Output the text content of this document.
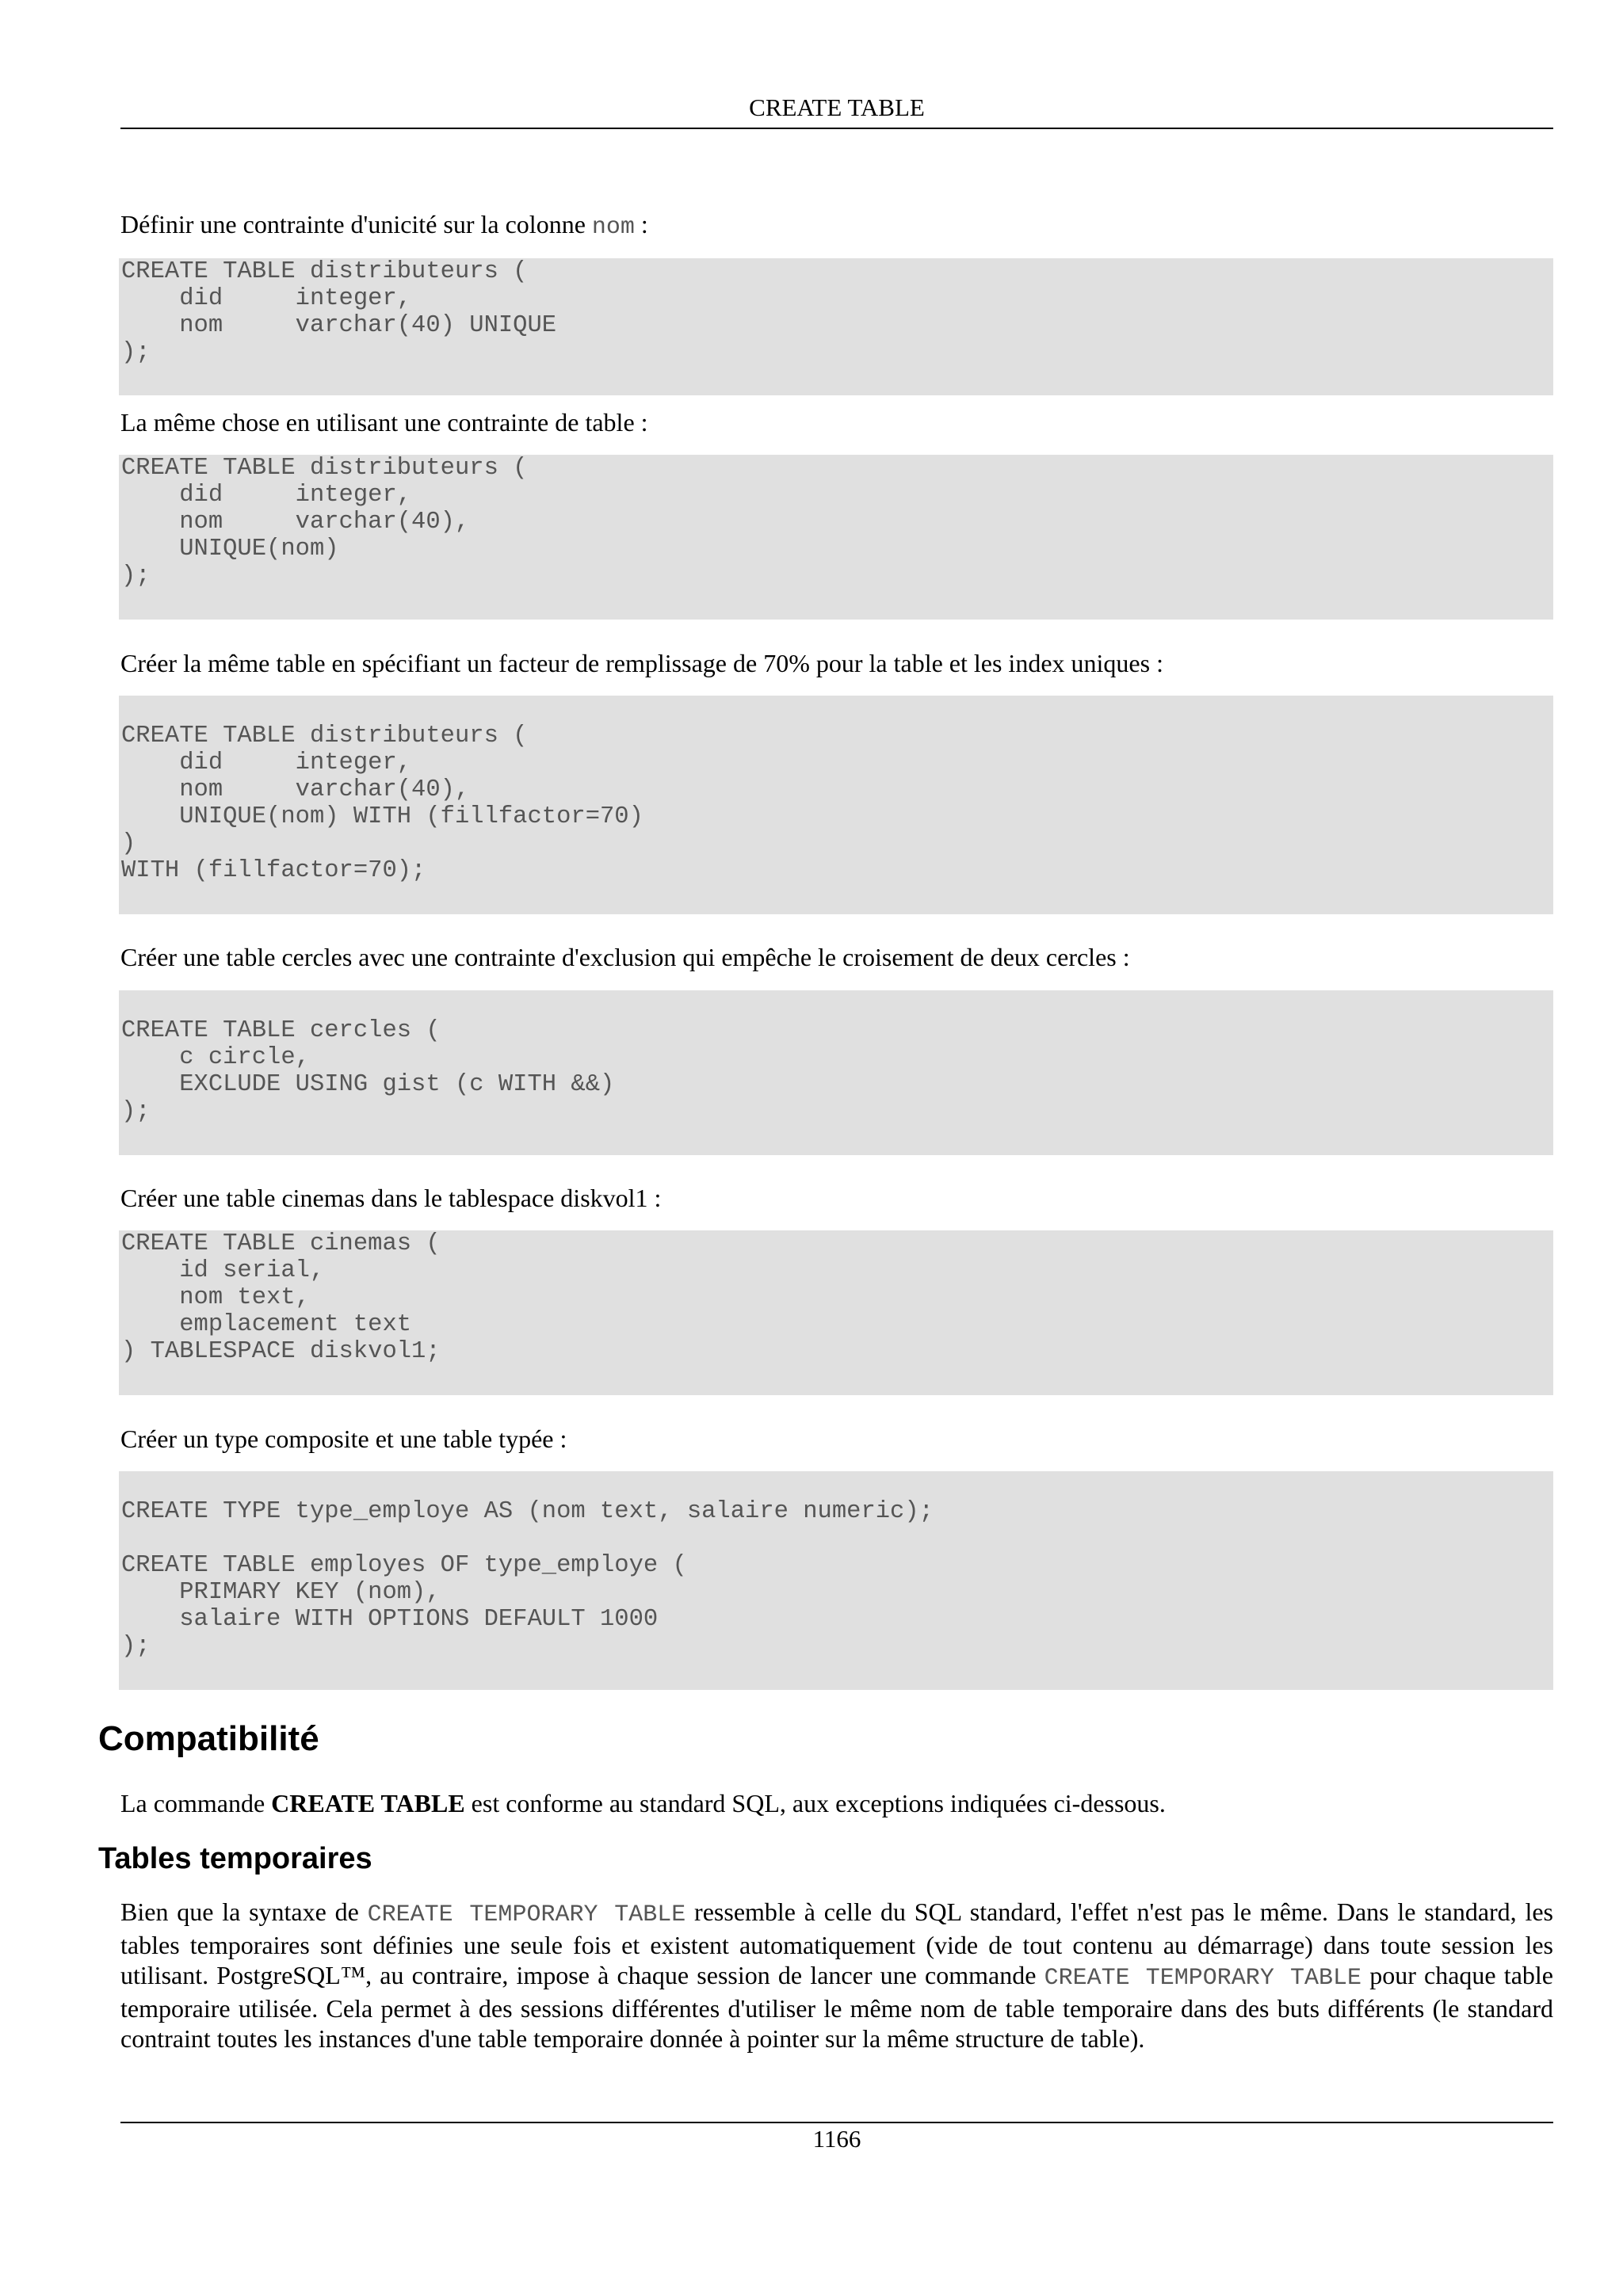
CREATE TABLE
Définir une contrainte d'unicité sur la colonne nom :
CREATE TABLE distributeurs (
did     integer,
nom     varchar(40) UNIQUE
);
La même chose en utilisant une contrainte de table :
CREATE TABLE distributeurs (
did     integer,
nom     varchar(40),
UNIQUE(nom)
);
Créer la même table en spécifiant un facteur de remplissage de 70% pour la table et les index uniques :

CREATE TABLE distributeurs (
did     integer,
nom     varchar(40),
UNIQUE(nom) WITH (fillfactor=70)
)
WITH (fillfactor=70);
Créer une table cercles avec une contrainte d'exclusion qui empêche le croisement de deux cercles :

CREATE TABLE cercles (
c circle,
EXCLUDE USING gist (c WITH &&)
);
Créer une table cinemas dans le tablespace diskvol1 :
CREATE TABLE cinemas (
id serial,
nom text,
emplacement text
) TABLESPACE diskvol1;
Créer un type composite et une table typée :

CREATE TYPE type_employe AS (nom text, salaire numeric);

CREATE TABLE employes OF type_employe (
PRIMARY KEY (nom),
salaire WITH OPTIONS DEFAULT 1000
);
Compatibilité
La commande CREATE TABLE est conforme au standard SQL, aux exceptions indiquées ci-dessous.
Tables temporaires
Bien que la syntaxe de CREATE TEMPORARY TABLE ressemble à celle du SQL standard, l'effet n'est pas le même. Dans le standard, les tables temporaires sont définies une seule fois et existent automatiquement (vide de tout contenu au démarrage) dans toute session les utilisant. PostgreSQL™, au contraire, impose à chaque session de lancer une commande CREATE TEMPORARY TABLE pour chaque table temporaire utilisée. Cela permet à des sessions différentes d'utiliser le même nom de table temporaire dans des buts différents (le standard contraint toutes les instances d'une table temporaire donnée à pointer sur la même structure de table).
1166
